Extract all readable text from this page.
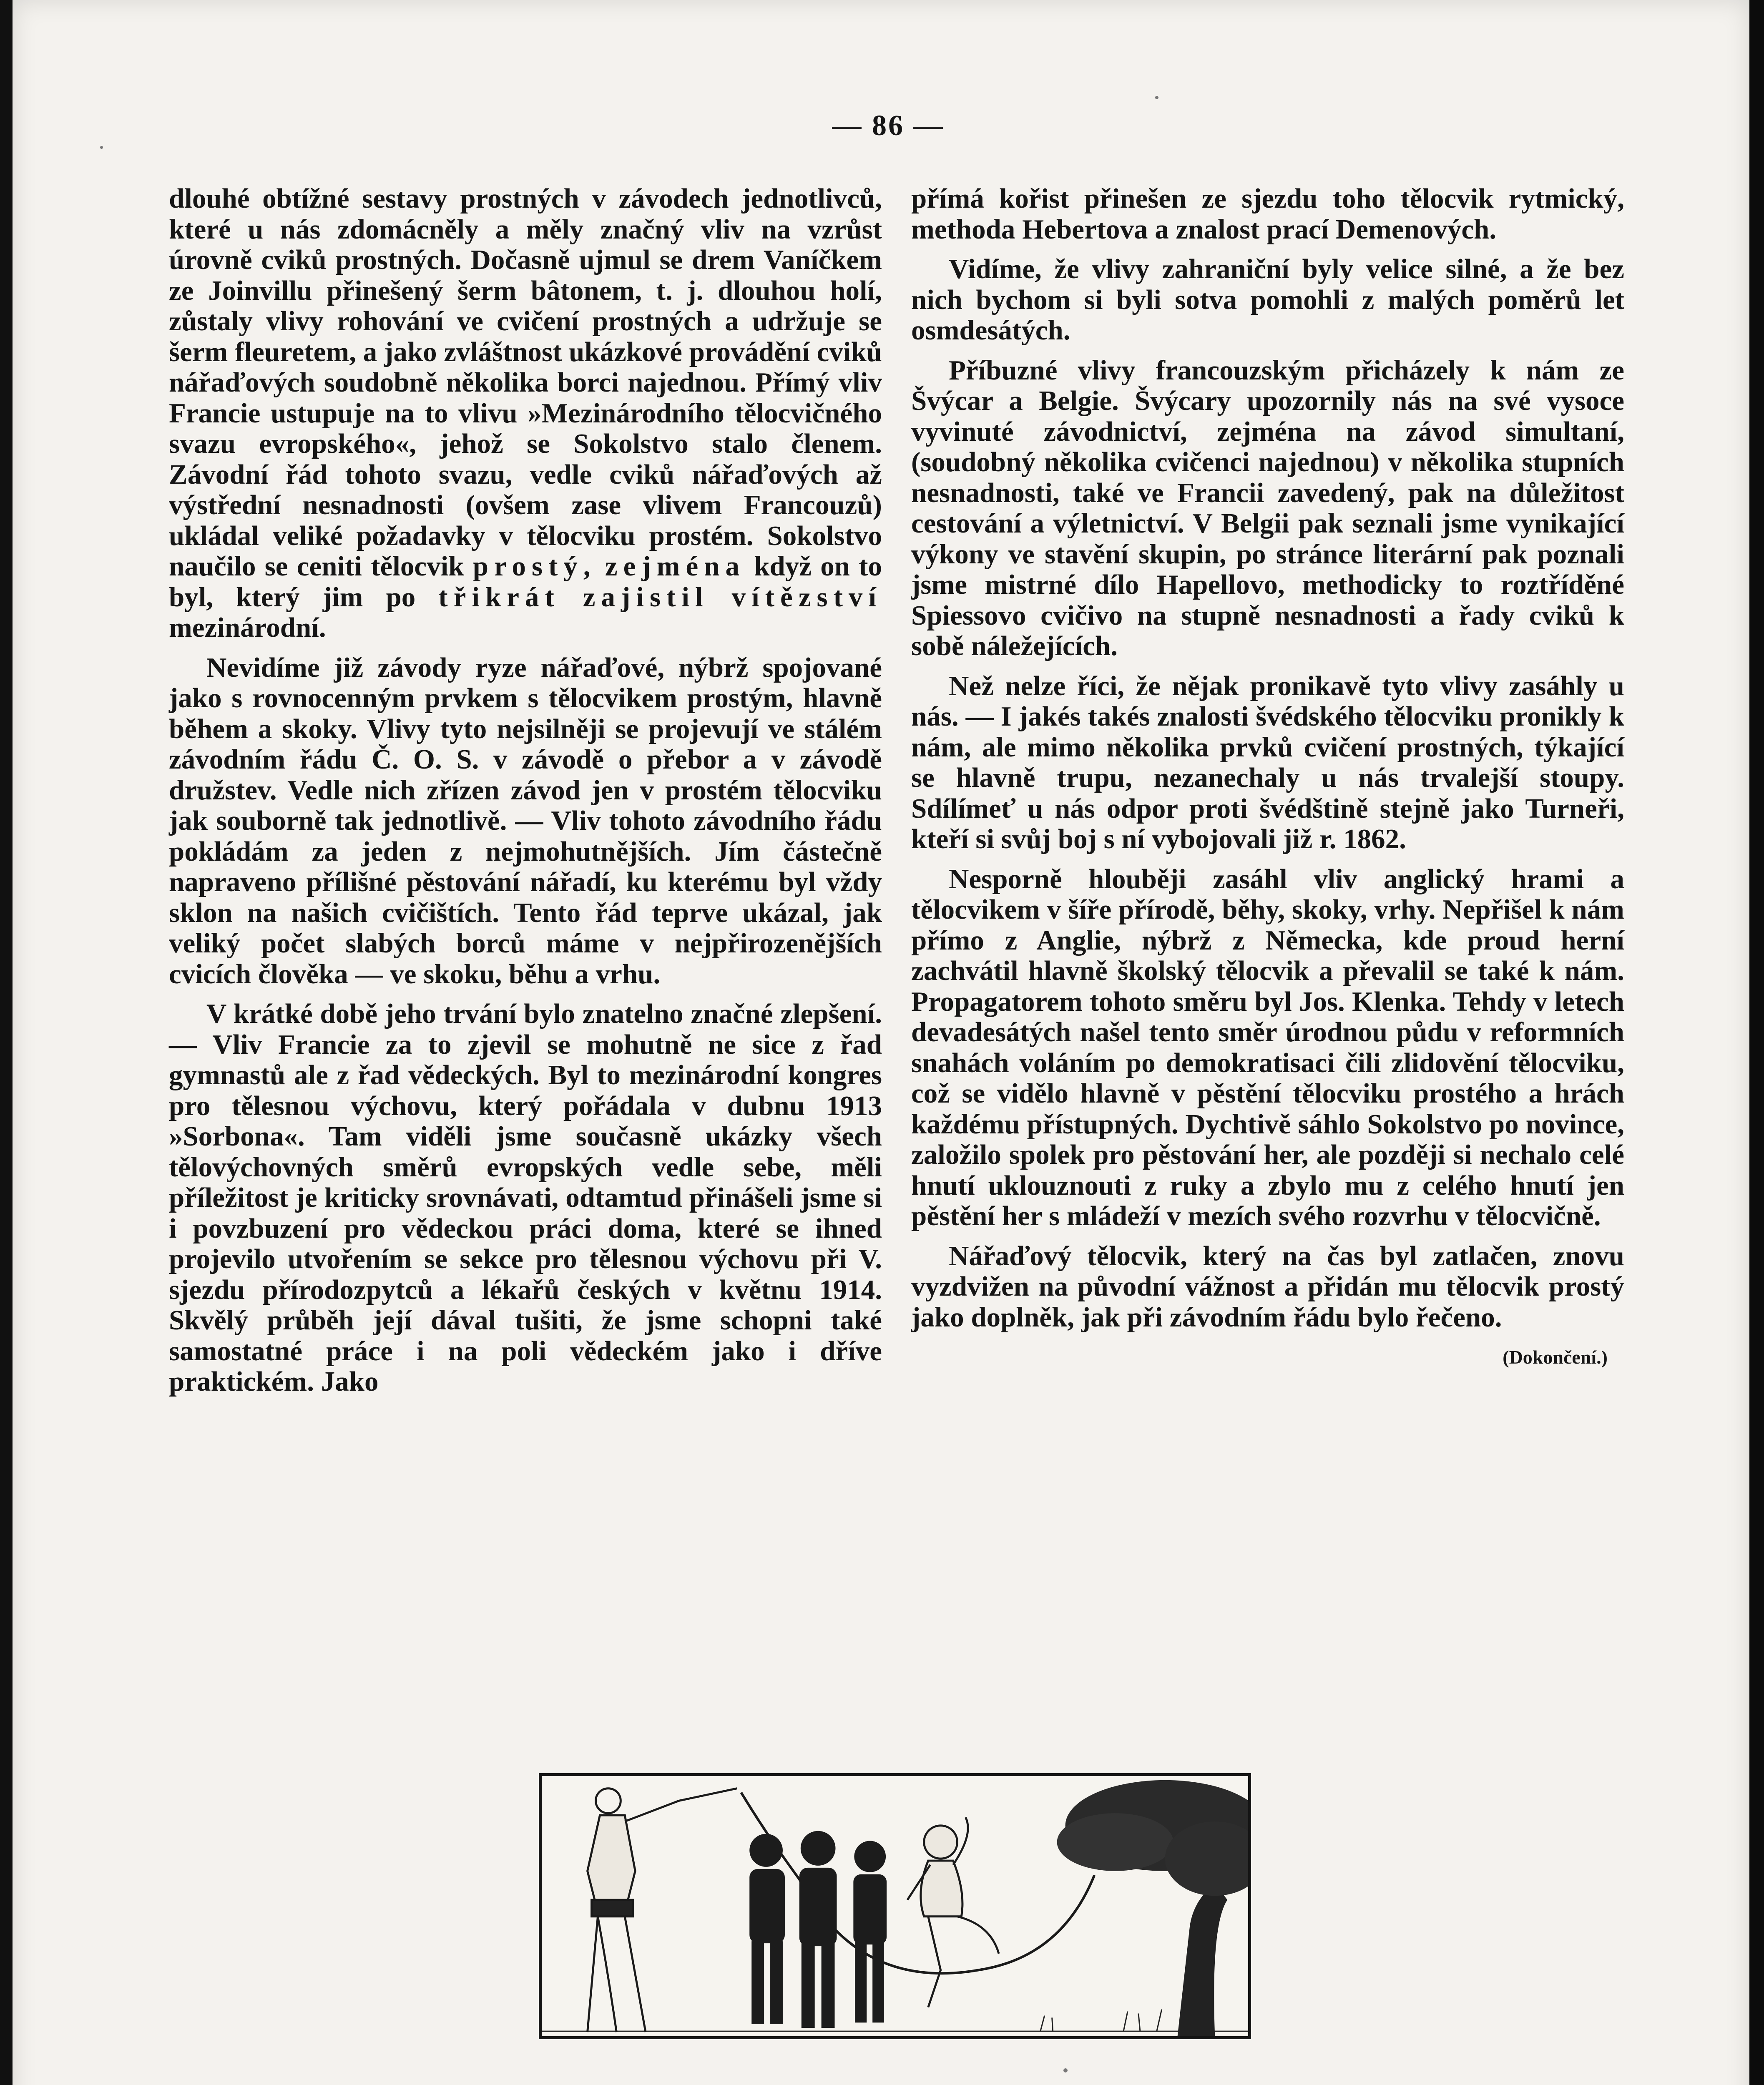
— 86 —

dlouhé obtížné sestavy prostných v závodech jednotlivců, které u nás zdomácněly a měly značný vliv na vzrůst úrovně cviků prostných. Dočasně ujmul se drem Vaníčkem ze Joinvillu přinešený šerm bâtonem, t. j. dlouhou holí, zůstaly vlivy rohování ve cvičení prostných a udržuje se šerm fleuretem, a jako zvláštnost ukázkové provádění cviků nářaďových soudobně několika borci najednou. Přímý vliv Francie ustupuje na to vlivu »Mezinárodního tělocvičného svazu evropského«, jehož se Sokolstvo stalo členem. Závodní řád tohoto svazu, vedle cviků nářaďových až výstřední nesnadnosti (ovšem zase vlivem Francouzů) ukládal veliké požadavky v tělocviku prostém. Sokolstvo naučilo se ceniti tělocvik prostý, zejména když on to byl, který jim po třikrát zajistil vítězství mezinárodní.

Nevidíme již závody ryze nářaďové, nýbrž spojované jako s rovnocenným prvkem s tělocvikem prostým, hlavně během a skoky. Vlivy tyto nejsilněji se projevují ve stálém závodním řádu Č. O. S. v závodě o přebor a v závodě družstev. Vedle nich zřízen závod jen v prostém tělocviku jak souborně tak jednotlivě. — Vliv tohoto závodního řádu pokládám za jeden z nejmohutnějších. Jím částečně napraveno přílišné pěstování nářadí, ku kterému byl vždy sklon na našich cvičištích. Tento řád teprve ukázal, jak veliký počet slabých borců máme v nejpřirozenějších cvicích člověka — ve skoku, běhu a vrhu.

V krátké době jeho trvání bylo znatelno značné zlepšení. — Vliv Francie za to zjevil se mohutně ne sice z řad gymnastů ale z řad vědeckých. Byl to mezinárodní kongres pro tělesnou výchovu, který pořádala v dubnu 1913 »Sorbona«. Tam viděli jsme současně ukázky všech tělovýchovných směrů evropských vedle sebe, měli příležitost je kriticky srovnávati, odtamtud přinášeli jsme si i povzbuzení pro vědeckou práci doma, které se ihned projevilo utvořením se sekce pro tělesnou výchovu při V. sjezdu přírodozpytců a lékařů českých v květnu 1914. Skvělý průběh její dával tušiti, že jsme schopni také samostatné práce i na poli vědeckém jako i dříve praktickém. Jako

přímá kořist přinešen ze sjezdu toho tělocvik rytmický, methoda Hebertova a znalost prací Demenových.

Vidíme, že vlivy zahraniční byly velice silné, a že bez nich bychom si byli sotva pomohli z malých poměrů let osmdesátých.

Příbuzné vlivy francouzským přicházely k nám ze Švýcar a Belgie. Švýcary upozornily nás na své vysoce vyvinuté závodnictví, zejména na závod simultaní, (soudobný několika cvičenci najednou) v několika stupních nesnadnosti, také ve Francii zavedený, pak na důležitost cestování a výletnictví. V Belgii pak seznali jsme vynikající výkony ve stavění skupin, po stránce literární pak poznali jsme mistrné dílo Hapellovo, methodicky to roztříděné Spiessovo cvičivo na stupně nesnadnosti a řady cviků k sobě náležejících.

Než nelze říci, že nějak pronikavě tyto vlivy zasáhly u nás. — I jakés takés znalosti švédského tělocviku pronikly k nám, ale mimo několika prvků cvičení prostných, týkající se hlavně trupu, nezanechaly u nás trvalejší stoupy. Sdílímeť u nás odpor proti švédštině stejně jako Turneři, kteří si svůj boj s ní vybojovali již r. 1862.

Nesporně hlouběji zasáhl vliv anglický hrami a tělocvikem v šíře přírodě, běhy, skoky, vrhy. Nepřišel k nám přímo z Anglie, nýbrž z Německa, kde proud herní zachvátil hlavně školský tělocvik a převalil se také k nám. Propagatorem tohoto směru byl Jos. Klenka. Tehdy v letech devadesátých našel tento směr úrodnou půdu v reformních snahách voláním po demokratisaci čili zlidovění tělocviku, což se vidělo hlavně v pěstění tělocviku prostého a hrách každému přístupných. Dychtivě sáhlo Sokolstvo po novince, založilo spolek pro pěstování her, ale později si nechalo celé hnutí uklouznouti z ruky a zbylo mu z celého hnutí jen pěstění her s mládeží v mezích svého rozvrhu v tělocvičně.

Nářaďový tělocvik, který na čas byl zatlačen, znovu vyzdvižen na původní vážnost a přidán mu tělocvik prostý jako doplněk, jak při závodním řádu bylo řečeno.

(Dokončení.)
